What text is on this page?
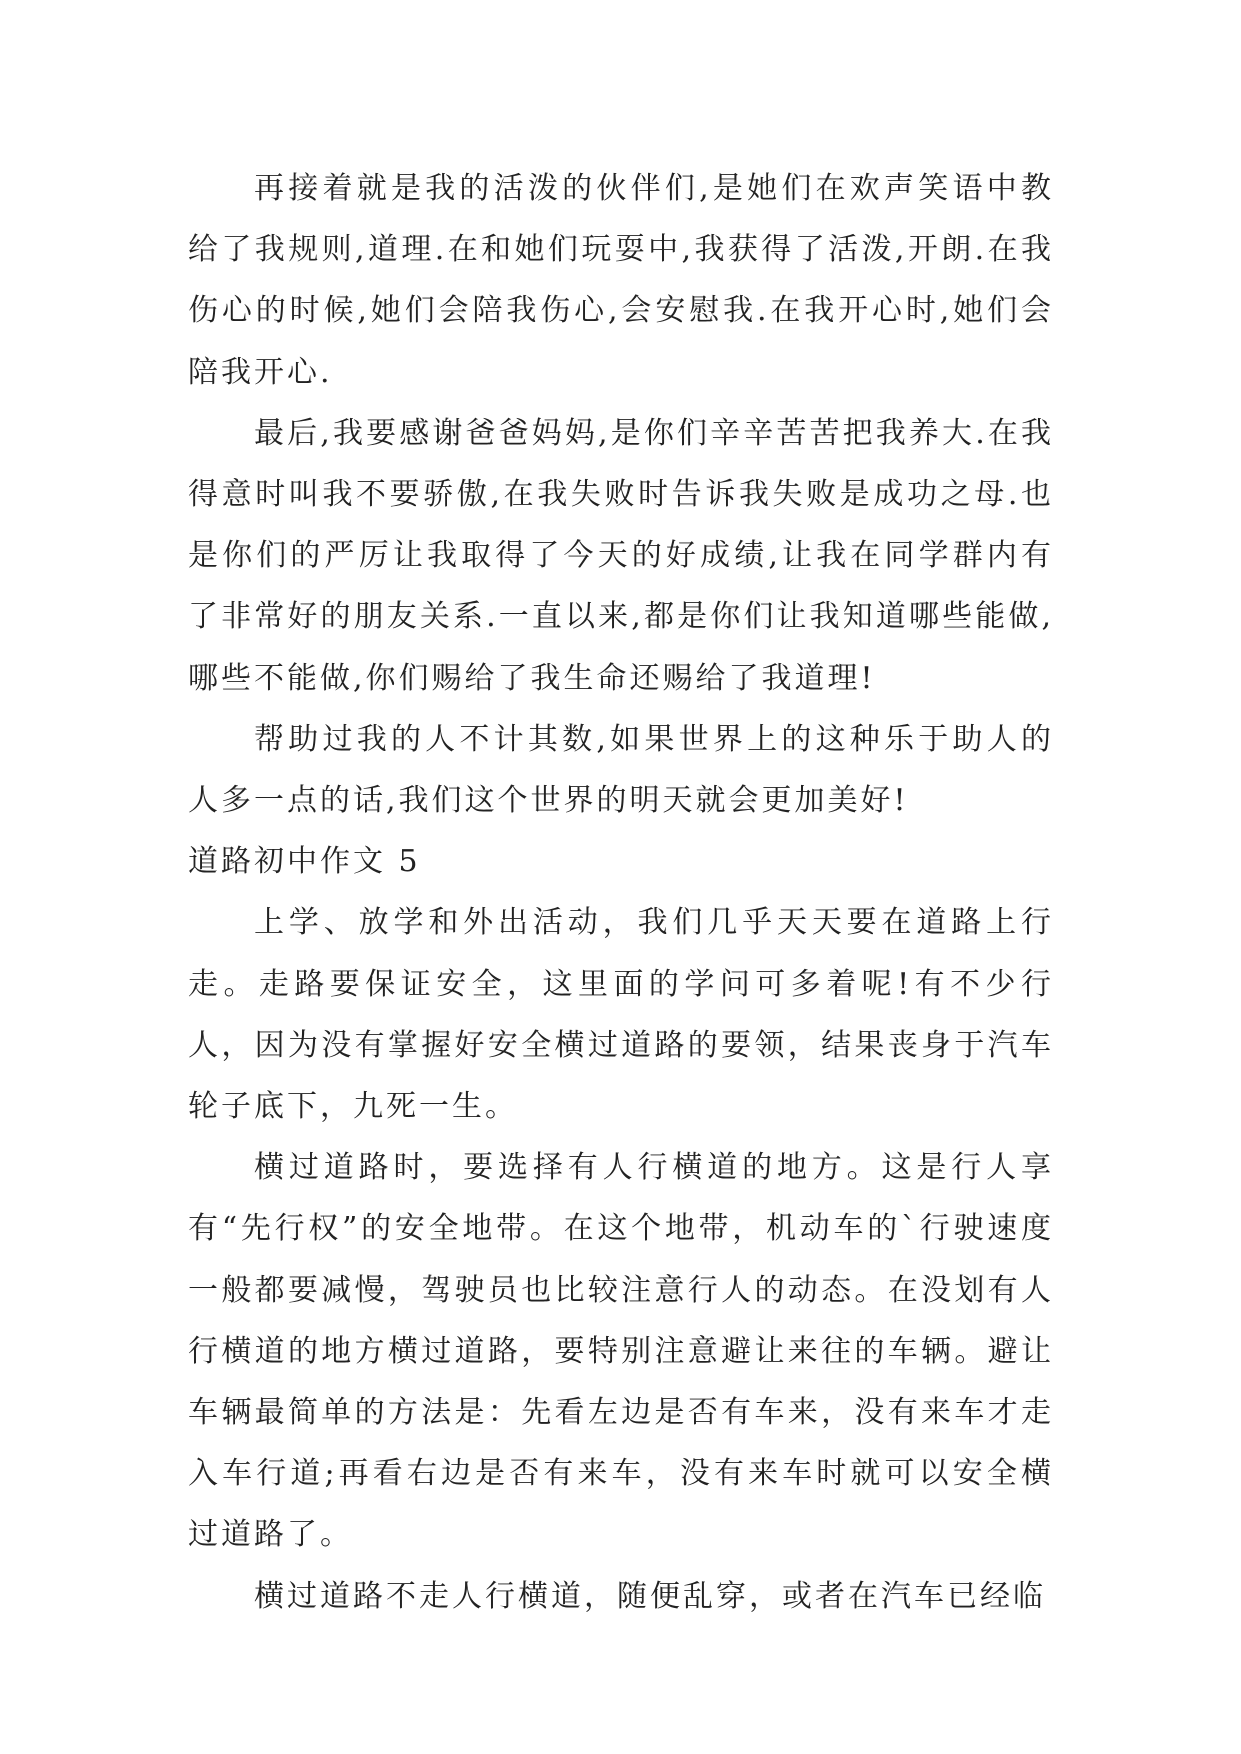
再接着就是我的活泼的伙伴们,是她们在欢声笑语中教给了我规则,道理.在和她们玩耍中,我获得了活泼,开朗.在我伤心的时候,她们会陪我伤心,会安慰我.在我开心时,她们会陪我开心.

最后,我要感谢爸爸妈妈,是你们辛辛苦苦把我养大.在我得意时叫我不要骄傲,在我失败时告诉我失败是成功之母.也是你们的严厉让我取得了今天的好成绩,让我在同学群内有了非常好的朋友关系.一直以来,都是你们让我知道哪些能做,哪些不能做,你们赐给了我生命还赐给了我道理!

帮助过我的人不计其数,如果世界上的这种乐于助人的人多一点的话,我们这个世界的明天就会更加美好!

道路初中作文 5

上学、放学和外出活动，我们几乎天天要在道路上行走。走路要保证安全，这里面的学问可多着呢!有不少行人，因为没有掌握好安全横过道路的要领，结果丧身于汽车轮子底下，九死一生。

横过道路时，要选择有人行横道的地方。这是行人享有“先行权”的安全地带。在这个地带，机动车的`行驶速度一般都要减慢，驾驶员也比较注意行人的动态。在没划有人行横道的地方横过道路，要特别注意避让来往的车辆。避让车辆最简单的方法是：先看左边是否有车来，没有来车才走入车行道;再看右边是否有来车，没有来车时就可以安全横过道路了。

横过道路不走人行横道，随便乱穿，或者在汽车已经临
